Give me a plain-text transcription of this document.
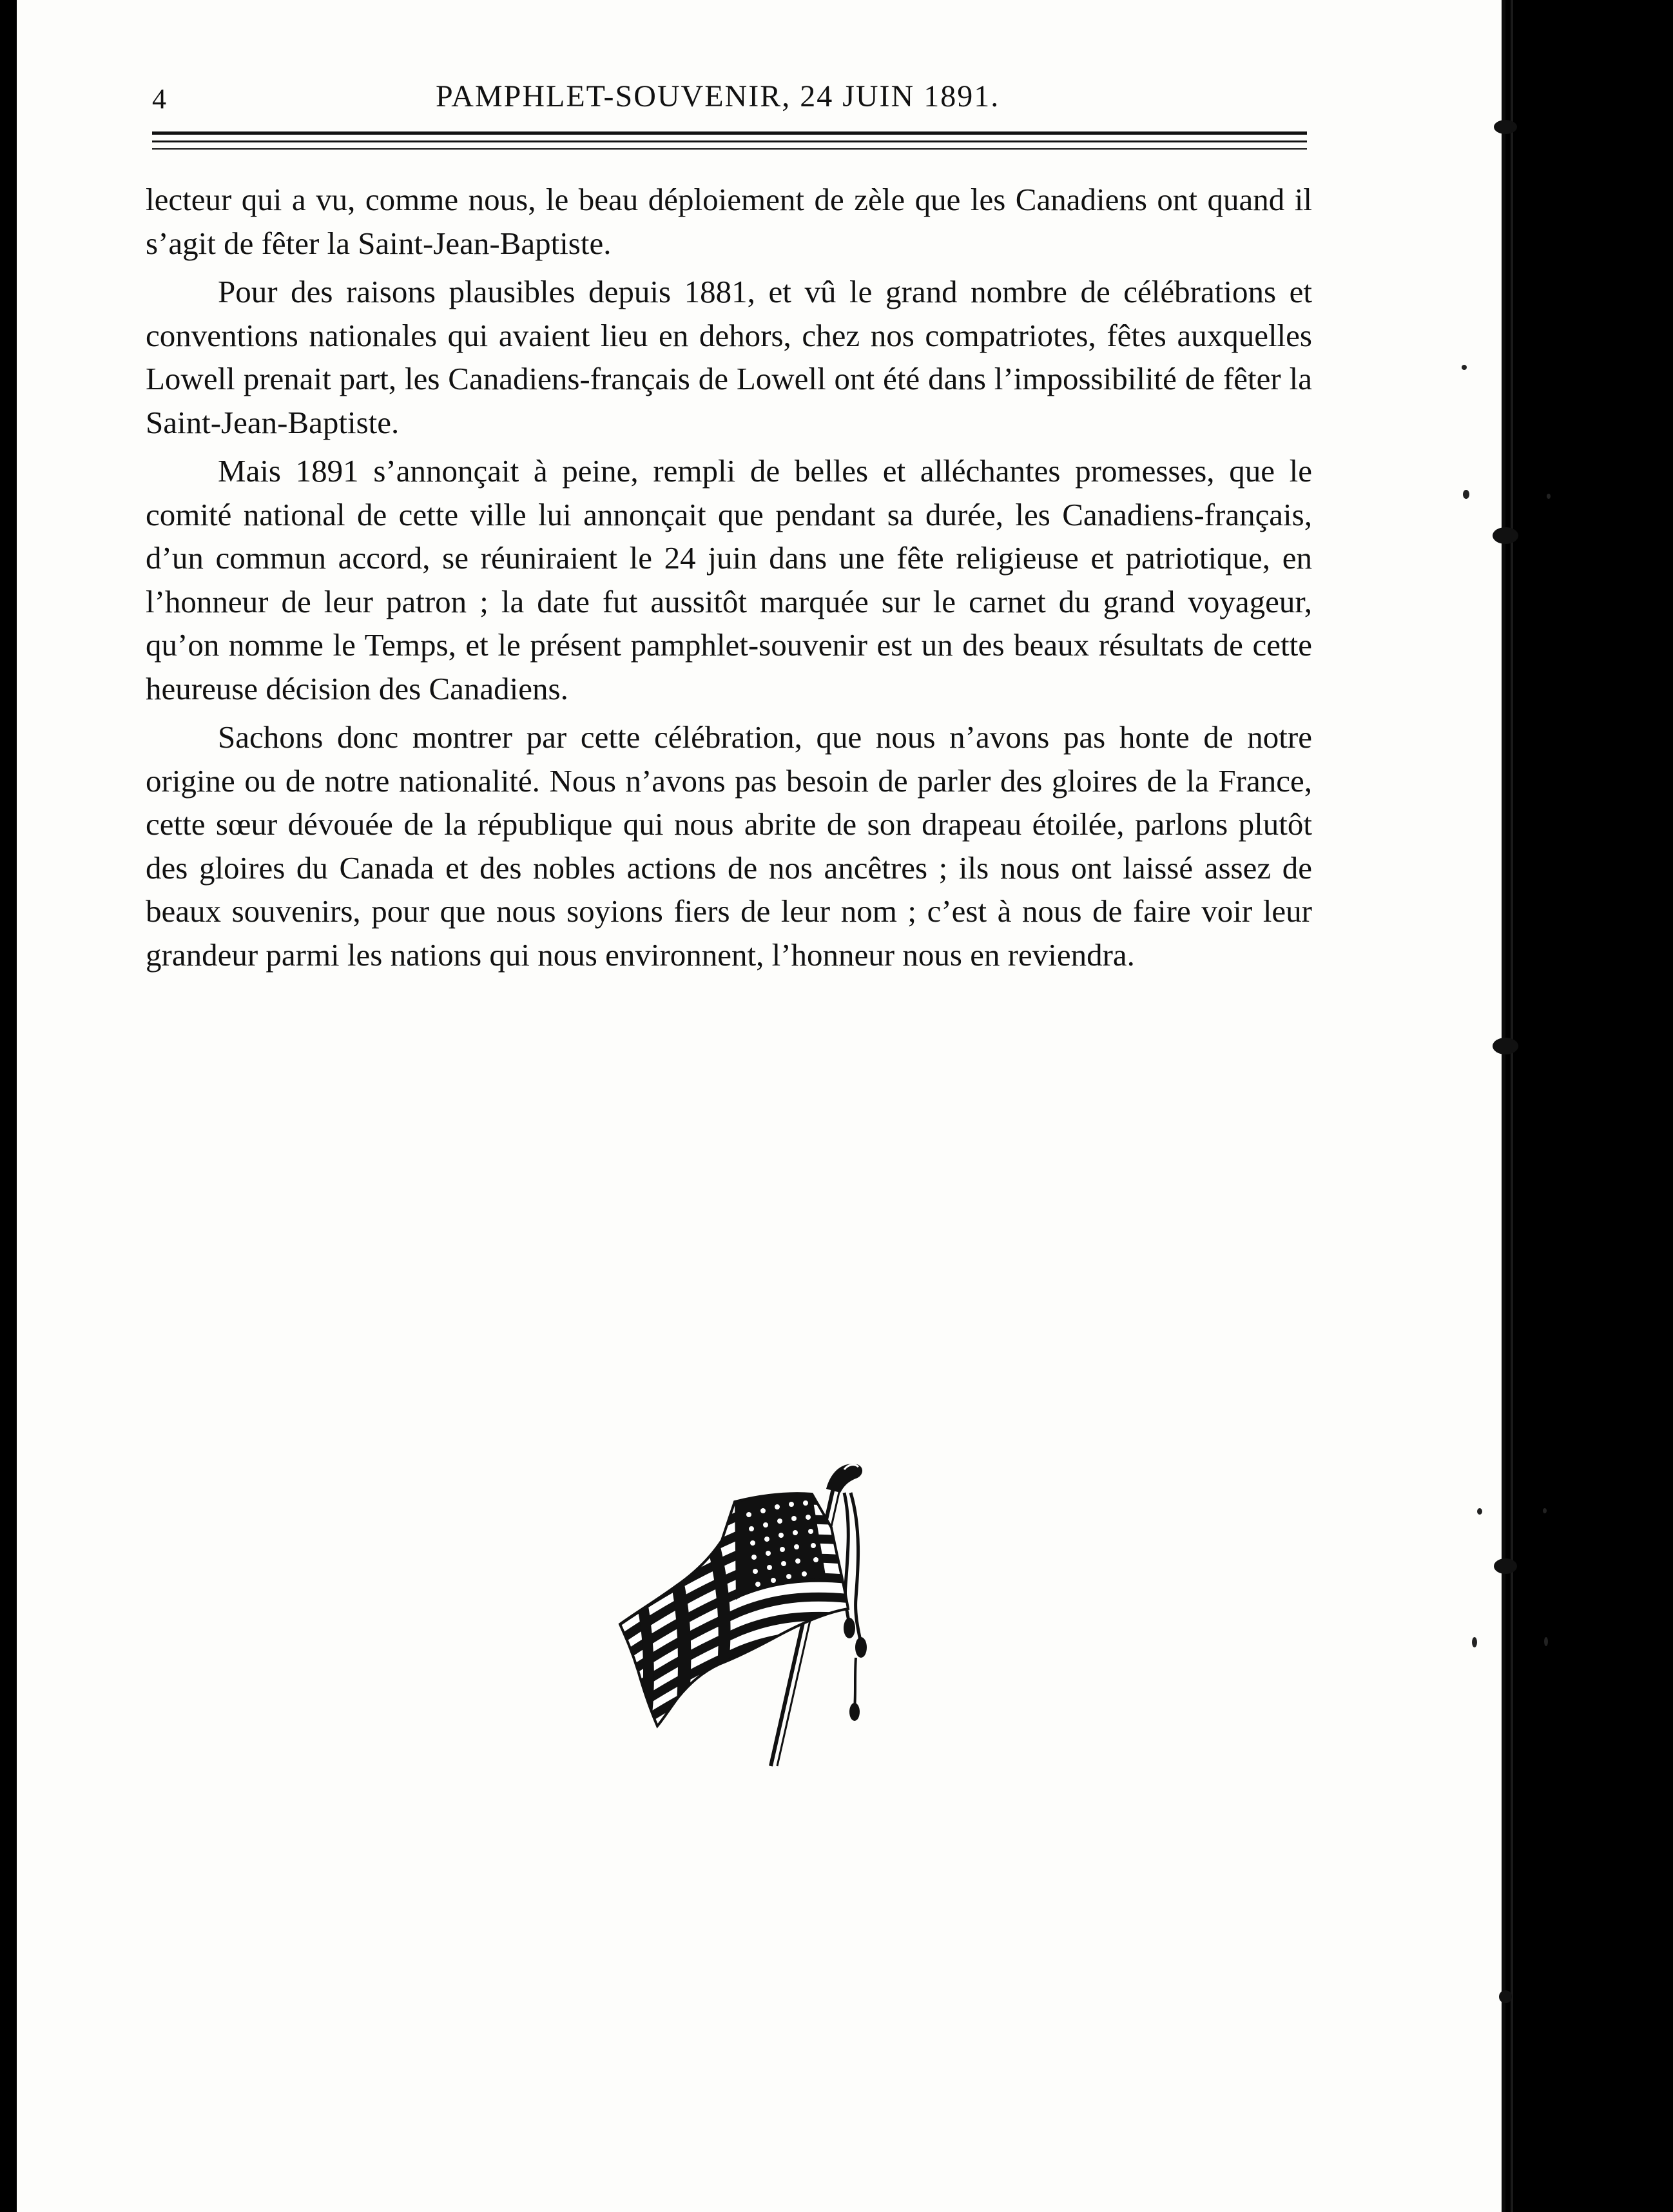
4	PAMPHLET-SOUVENIR, 24 JUIN 1891.

lecteur qui a vu, comme nous, le beau déploiement de zèle que les Canadiens ont quand il s’agit de fêter la Saint-Jean-Baptiste.

Pour des raisons plausibles depuis 1881, et vû le grand nombre de célébrations et conventions nationales qui avaient lieu en dehors, chez nos compatriotes, fêtes auxquelles Lowell prenait part, les Canadiens-français de Lowell ont été dans l’impossibilité de fêter la Saint-Jean-Baptiste.

Mais 1891 s’annonçait à peine, rempli de belles et alléchantes promesses, que le comité national de cette ville lui annonçait que pendant sa durée, les Canadiens-français, d’un commun accord, se réuniraient le 24 juin dans une fête religieuse et patriotique, en l’honneur de leur patron ; la date fut aussitôt marquée sur le carnet du grand voyageur, qu’on nomme le Temps, et le présent pamphlet-souvenir est un des beaux résultats de cette heureuse décision des Canadiens.

Sachons donc montrer par cette célébration, que nous n’avons pas honte de notre origine ou de notre nationalité. Nous n’avons pas besoin de parler des gloires de la France, cette sœur dévouée de la république qui nous abrite de son drapeau étoilée, parlons plutôt des gloires du Canada et des nobles actions de nos ancêtres ; ils nous ont laissé assez de beaux souvenirs, pour que nous soyions fiers de leur nom ; c’est à nous de faire voir leur grandeur parmi les nations qui nous environnent, l’honneur nous en reviendra.
